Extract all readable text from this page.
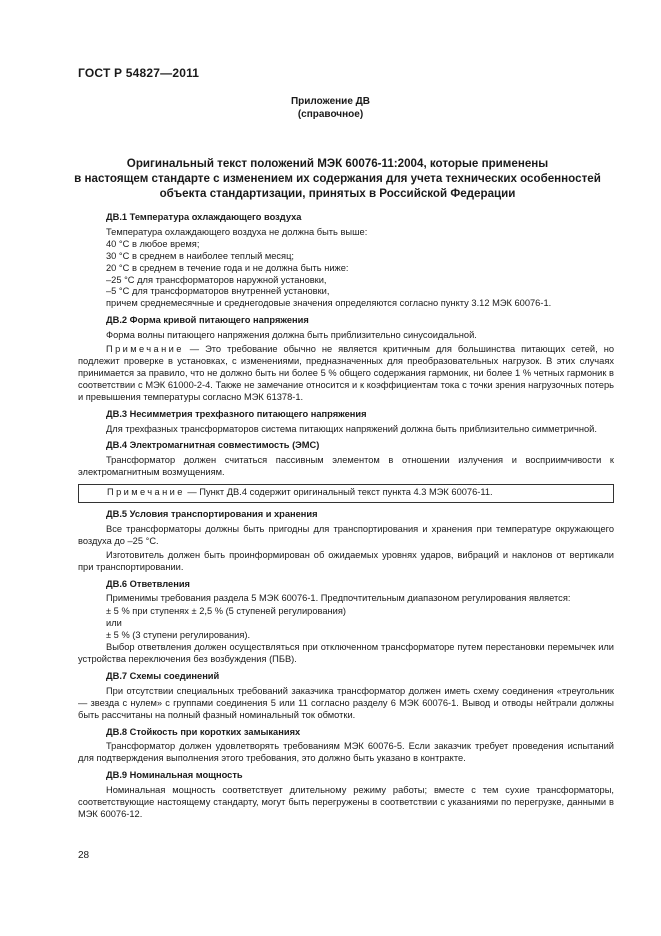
ГОСТ Р 54827—2011
Приложение ДВ
(справочное)
Оригинальный текст положений МЭК 60076-11:2004, которые применены
в настоящем стандарте с изменением их содержания для учета технических особенностей
объекта стандартизации, принятых в Российской Федерации
ДВ.1 Температура охлаждающего воздуха
Температура охлаждающего воздуха не должна быть выше:
40 °С в любое время;
30 °С в среднем в наиболее теплый месяц;
20 °С в среднем в течение года и не должна быть ниже:
–25 °С для трансформаторов наружной установки,
–5 °С для трансформаторов внутренней установки,
причем среднемесячные и среднегодовые значения определяются согласно пункту 3.12 МЭК 60076-1.
ДВ.2 Форма кривой питающего напряжения
Форма волны питающего напряжения должна быть приблизительно синусоидальной.
Примечание — Это требование обычно не является критичным для большинства питающих сетей, но подлежит проверке в установках, с изменениями, предназначенных для преобразовательных нагрузок. В этих случаях принимается за правило, что не должно быть ни более 5 % общего содержания гармоник, ни более 1 % четных гармоник в соответствии с МЭК 61000-2-4. Также не замечание относится и к коэффициентам тока с точки зрения нагрузочных потерь и превышения температуры согласно МЭК 61378-1.
ДВ.3 Несимметрия трехфазного питающего напряжения
Для трехфазных трансформаторов система питающих напряжений должна быть приблизительно симметричной.
ДВ.4 Электромагнитная совместимость (ЭМС)
Трансформатор должен считаться пассивным элементом в отношении излучения и восприимчивости к электромагнитным возмущениям.
Примечание — Пункт ДВ.4 содержит оригинальный текст пункта 4.3 МЭК 60076-11.
ДВ.5 Условия транспортирования и хранения
Все трансформаторы должны быть пригодны для транспортирования и хранения при температуре окружающего воздуха до –25 °С.
Изготовитель должен быть проинформирован об ожидаемых уровнях ударов, вибраций и наклонов от вертикали при транспортировании.
ДВ.6 Ответвления
Применимы требования раздела 5 МЭК 60076-1. Предпочтительным диапазоном регулирования является:
± 5 % при ступенях ± 2,5 % (5 ступеней регулирования)
или
± 5 % (3 ступени регулирования).
Выбор ответвления должен осуществляться при отключенном трансформаторе путем перестановки перемычек или устройства переключения без возбуждения (ПБВ).
ДВ.7 Схемы соединений
При отсутствии специальных требований заказчика трансформатор должен иметь схему соединения «треугольник — звезда с нулем» с группами соединения 5 или 11 согласно разделу 6 МЭК 60076-1. Вывод и отводы нейтрали должны быть рассчитаны на полный фазный номинальный ток обмотки.
ДВ.8 Стойкость при коротких замыканиях
Трансформатор должен удовлетворять требованиям МЭК 60076-5. Если заказчик требует проведения испытаний для подтверждения выполнения этого требования, это должно быть указано в контракте.
ДВ.9 Номинальная мощность
Номинальная мощность соответствует длительному режиму работы; вместе с тем сухие трансформаторы, соответствующие настоящему стандарту, могут быть перегружены в соответствии с указаниями по перегрузке, данными в МЭК 60076-12.
28
